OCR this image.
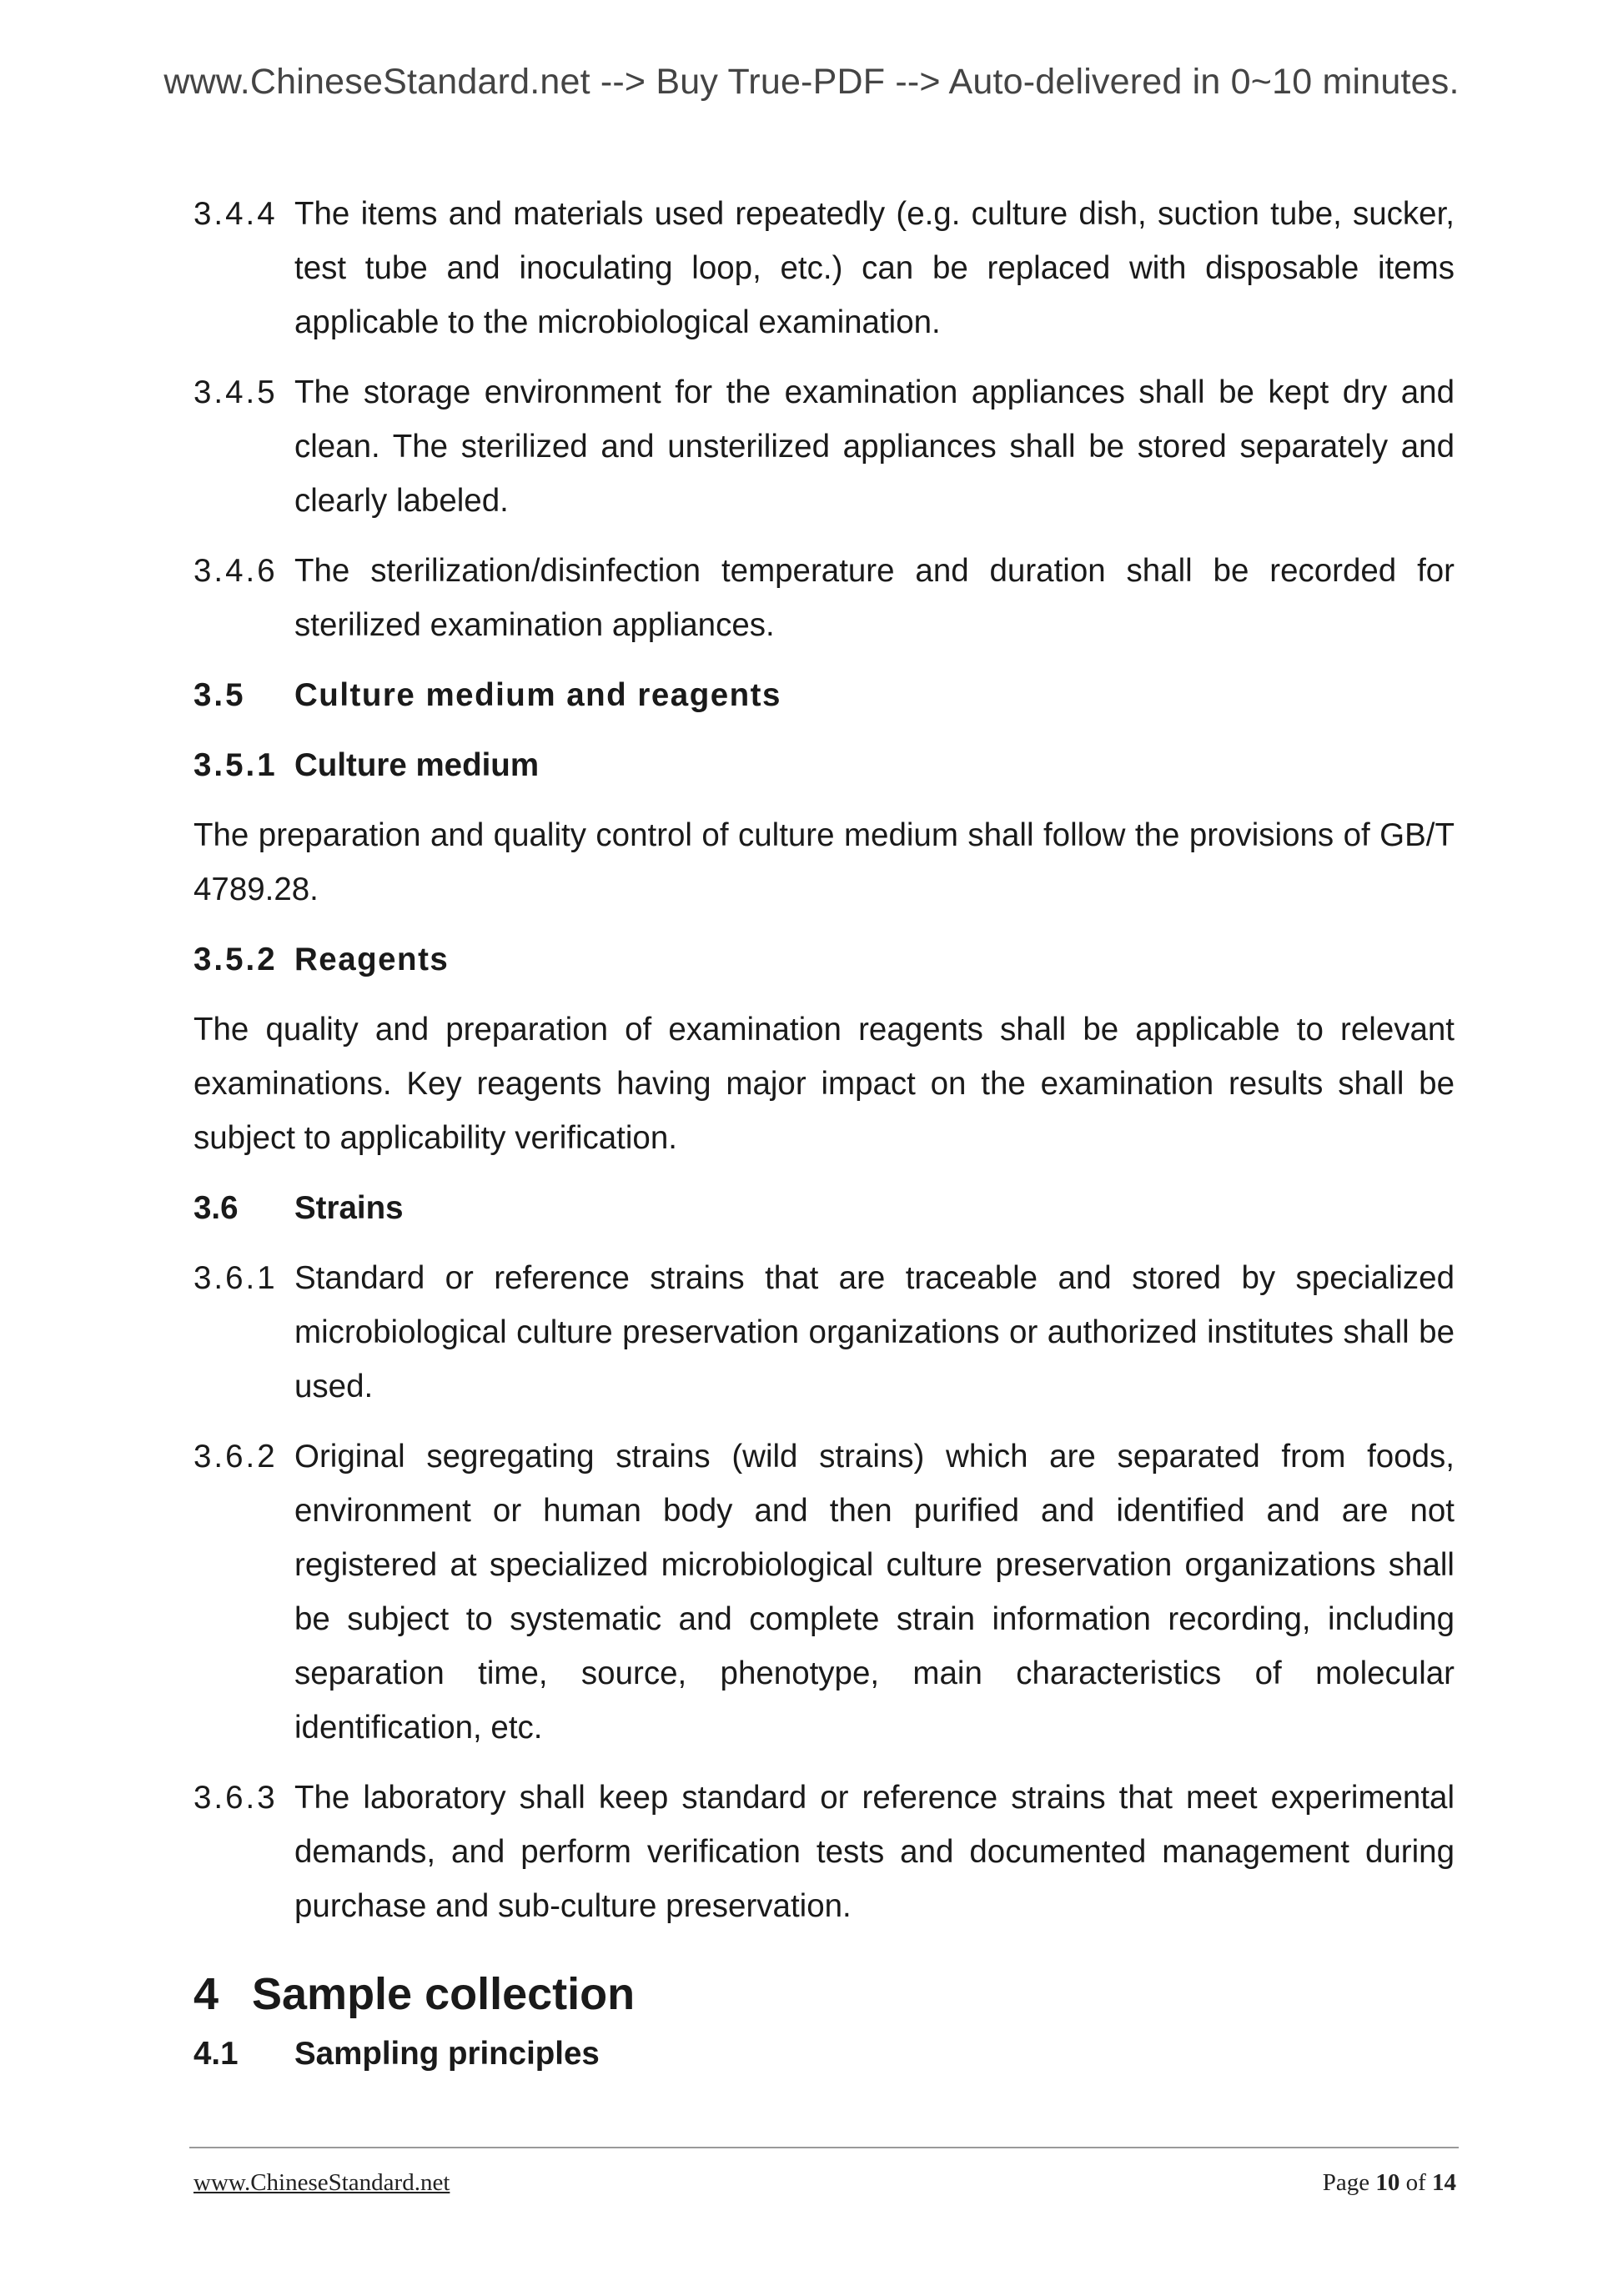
www.ChineseStandard.net --> Buy True-PDF --> Auto-delivered in 0~10 minutes.
3.4.4 The items and materials used repeatedly (e.g. culture dish, suction tube, sucker, test tube and inoculating loop, etc.) can be replaced with disposable items applicable to the microbiological examination.
3.4.5 The storage environment for the examination appliances shall be kept dry and clean. The sterilized and unsterilized appliances shall be stored separately and clearly labeled.
3.4.6 The sterilization/disinfection temperature and duration shall be recorded for sterilized examination appliances.
3.5 Culture medium and reagents
3.5.1 Culture medium
The preparation and quality control of culture medium shall follow the provisions of GB/T 4789.28.
3.5.2 Reagents
The quality and preparation of examination reagents shall be applicable to relevant examinations. Key reagents having major impact on the examination results shall be subject to applicability verification.
3.6 Strains
3.6.1 Standard or reference strains that are traceable and stored by specialized microbiological culture preservation organizations or authorized institutes shall be used.
3.6.2 Original segregating strains (wild strains) which are separated from foods, environment or human body and then purified and identified and are not registered at specialized microbiological culture preservation organizations shall be subject to systematic and complete strain information recording, including separation time, source, phenotype, main characteristics of molecular identification, etc.
3.6.3 The laboratory shall keep standard or reference strains that meet experimental demands, and perform verification tests and documented management during purchase and sub-culture preservation.
4 Sample collection
4.1 Sampling principles
www.ChineseStandard.net	Page 10 of 14
